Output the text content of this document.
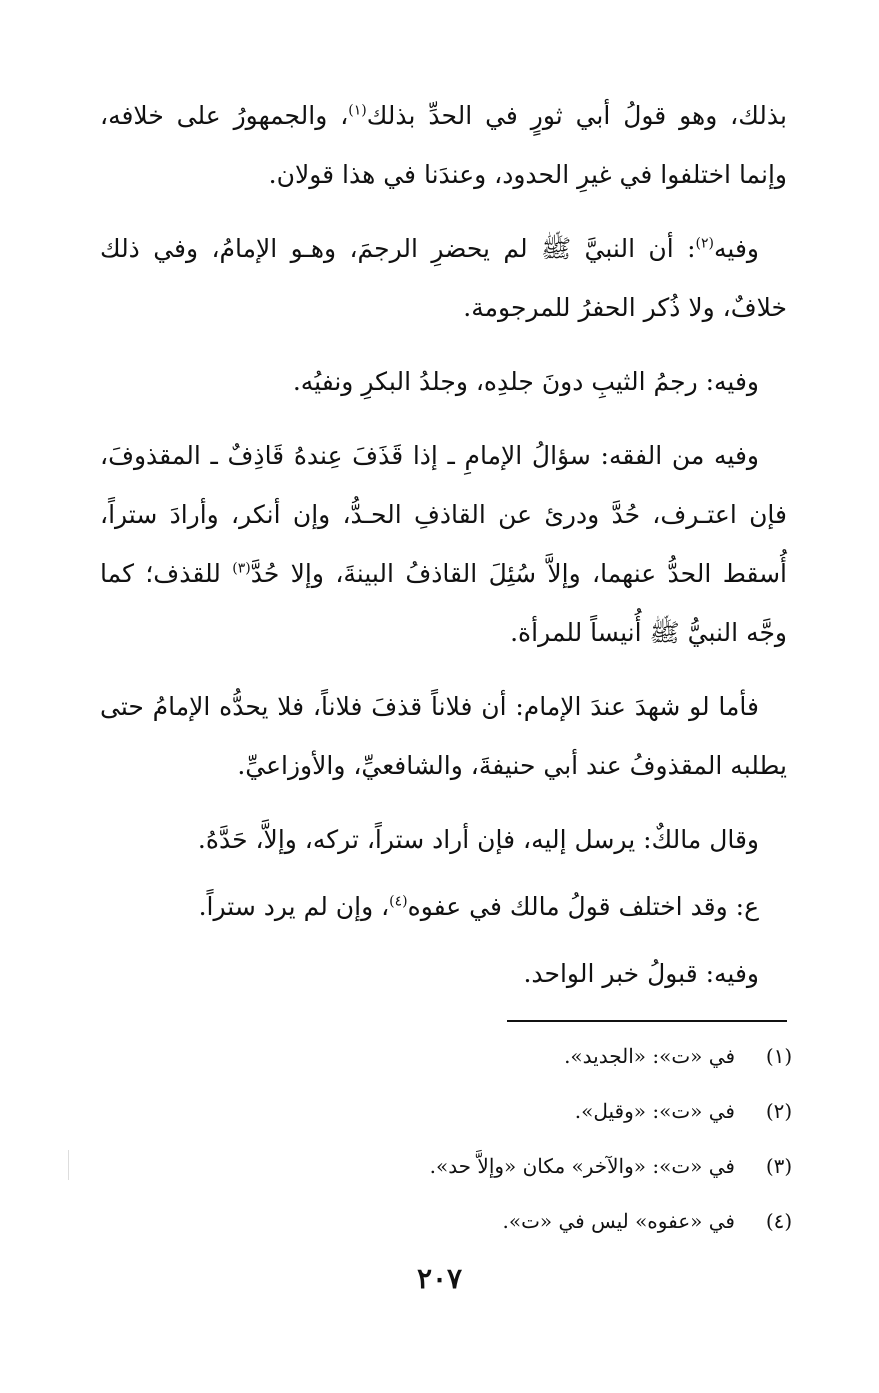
بذلك، وهو قولُ أبي ثورٍ في الحدِّ بذلك$^{(١)}$، والجمهورُ على خلافه، وإنما اختلفوا في غيرِ الحدود، وعندَنا في هذا قولان.

وفيه$^{(٢)}$: أن النبيَّ ﷺ لم يحضرِ الرجمَ، وهـو الإمامُ، وفي ذلك خلافٌ، ولا ذُكر الحفرُ للمرجومة.

وفيه: رجمُ الثيبِ دونَ جلدِه، وجلدُ البكرِ ونفيُه.

وفيه من الفقه: سؤالُ الإمامِ ـ إذا قَذَفَ عِندهُ قَاذِفٌ ـ المقذوفَ، فإن اعتـرف، حُدَّ ودرئ عن القاذفِ الحـدُّ، وإن أنكر، وأرادَ ستراً، أُسقط الحدُّ عنهما، وإلاَّ سُئِلَ القاذفُ البينةَ، وإلا حُدَّ$^{(٣)}$ للقذف؛ كما وجَّه النبيُّ ﷺ أُنيساً للمرأة.

فأما لو شهدَ عندَ الإمام: أن فلاناً قذفَ فلاناً، فلا يحدُّه الإمامُ حتى يطلبه المقذوفُ عند أبي حنيفةَ، والشافعيِّ، والأوزاعيِّ.

وقال مالكٌ: يرسل إليه، فإن أراد ستراً، تركه، وإلاَّ، حَدَّهُ.

ع: وقد اختلف قولُ مالك في عفوه$^{(٤)}$، وإن لم يرد ستراً.

وفيه: قبولُ خبر الواحد.

(١)
في «ت»: «الجديد».
(٢)
في «ت»: «وقيل».
(٣)
في «ت»: «والآخر» مكان «وإلاَّ حد».
(٤)
في «عفوه» ليس في «ت».
٢٠٧
